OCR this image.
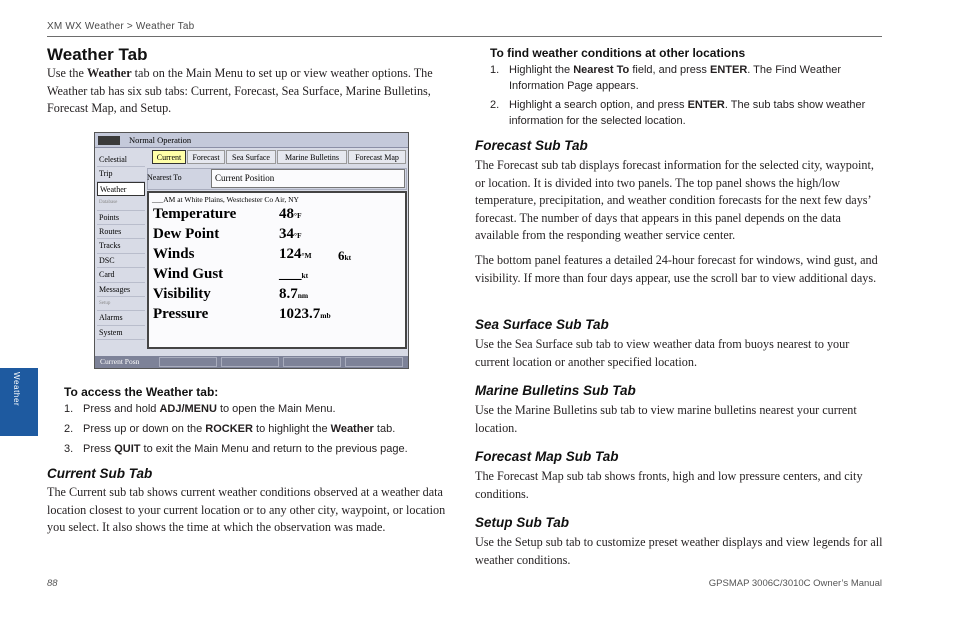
XM WX Weather > Weather Tab
Weather
Weather Tab
Use the Weather tab on the Main Menu to set up or view weather options. The Weather tab has six sub tabs: Current, Forecast, Sea Surface, Marine Bulletins, Forecast Map, and Setup.
Normal Operation
Celestial
Trip
Weather
Database
Points
Routes
Tracks
DSC
Card
Messages
Setup
Alarms
System
Current	Forecast	Sea Surface	Marine Bulletins	Forecast Map
Nearest To	Current Position
___AM at White Plains, Westchester Co Air, NY
Temperature	48°F
Dew Point	34°F
Winds	124°M 6kt
Wind Gust	___kt
Visibility	8.7nm
Pressure	1023.7mb
Current Posn
To access the Weather tab:
1. Press and hold ADJ/MENU to open the Main Menu.
2. Press up or down on the ROCKER to highlight the Weather tab.
3. Press QUIT to exit the Main Menu and return to the previous page.
Current Sub Tab
The Current sub tab shows current weather conditions observed at a weather data location closest to your current location or to any other city, waypoint, or location you select. It also shows the time at which the observation was made.
To find weather conditions at other locations
1. Highlight the Nearest To field, and press ENTER. The Find Weather Information Page appears.
2. Highlight a search option, and press ENTER. The sub tabs show weather information for the selected location.
Forecast Sub Tab
The Forecast sub tab displays forecast information for the selected city, waypoint, or location. It is divided into two panels. The top panel shows the high/low temperature, precipitation, and weather condition forecasts for the next few days’ forecast. The number of days that appears in this panel depends on the data available from the responding weather service center.
The bottom panel features a detailed 24-hour forecast for windows, wind gust, and visibility. If more than four days appear, use the scroll bar to view additional days.
Sea Surface Sub Tab
Use the Sea Surface sub tab to view weather data from buoys nearest to your current location or another specified location.
Marine Bulletins Sub Tab
Use the Marine Bulletins sub tab to view marine bulletins nearest your current location.
Forecast Map Sub Tab
The Forecast Map sub tab shows fronts, high and low pressure centers, and city conditions.
Setup Sub Tab
Use the Setup sub tab to customize preset weather displays and view legends for all weather conditions.
88	GPSMAP 3006C/3010C Owner’s Manual
